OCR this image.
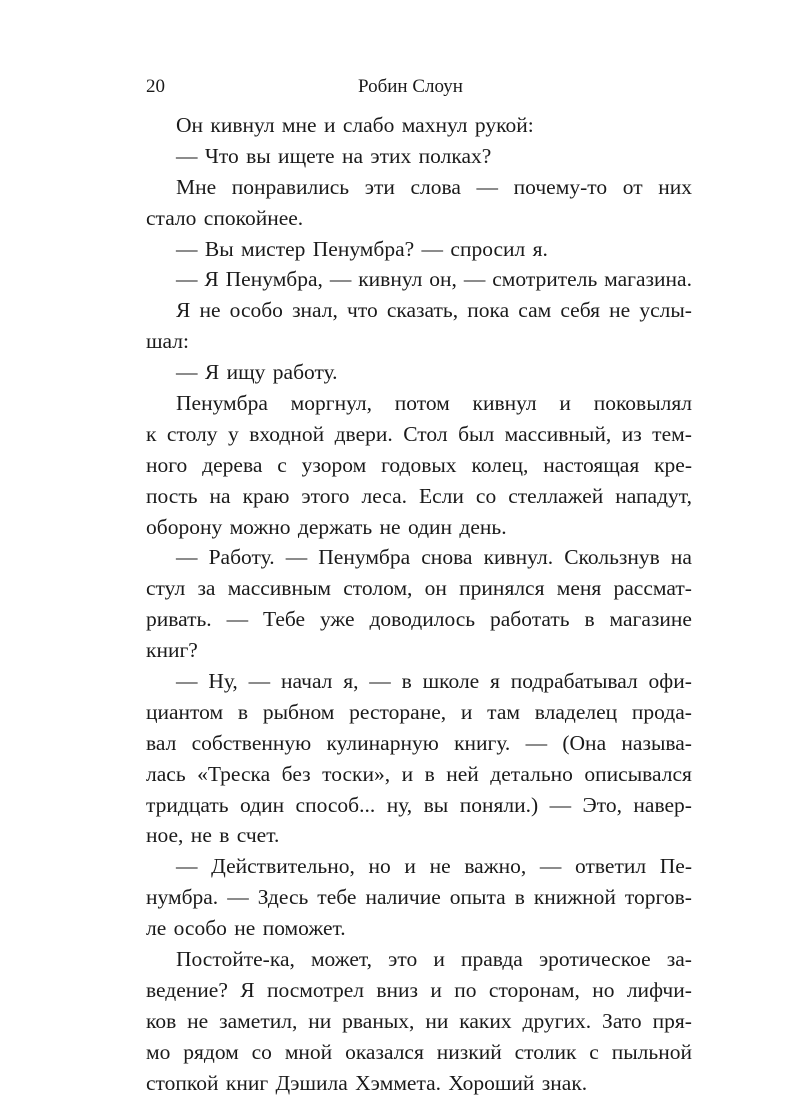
20	Робин Слоун
Он кивнул мне и слабо махнул рукой:
— Что вы ищете на этих полках?
Мне понравились эти слова — почему-то от них
стало спокойнее.
— Вы мистер Пенумбра? — спросил я.
— Я Пенумбра, — кивнул он, — смотритель магазина.
Я не особо знал, что сказать, пока сам себя не услы-
шал:
— Я ищу работу.
Пенумбра моргнул, потом кивнул и поковылял
к столу у входной двери. Стол был массивный, из тем-
ного дерева с узором годовых колец, настоящая кре-
пость на краю этого леса. Если со стеллажей нападут,
оборону можно держать не один день.
— Работу. — Пенумбра снова кивнул. Скользнув на
стул за массивным столом, он принялся меня рассмат-
ривать. — Тебе уже доводилось работать в магазине
книг?
— Ну, — начал я, — в школе я подрабатывал офи-
циантом в рыбном ресторане, и там владелец прода-
вал собственную кулинарную книгу. — (Она называ-
лась «Треска без тоски», и в ней детально описывался
тридцать один способ... ну, вы поняли.) — Это, навер-
ное, не в счет.
— Действительно, но и не важно, — ответил Пе-
нумбра. — Здесь тебе наличие опыта в книжной торгов-
ле особо не поможет.
Постойте-ка, может, это и правда эротическое за-
ведение? Я посмотрел вниз и по сторонам, но лифчи-
ков не заметил, ни рваных, ни каких других. Зато пря-
мо рядом со мной оказался низкий столик с пыльной
стопкой книг Дэшила Хэммета. Хороший знак.
